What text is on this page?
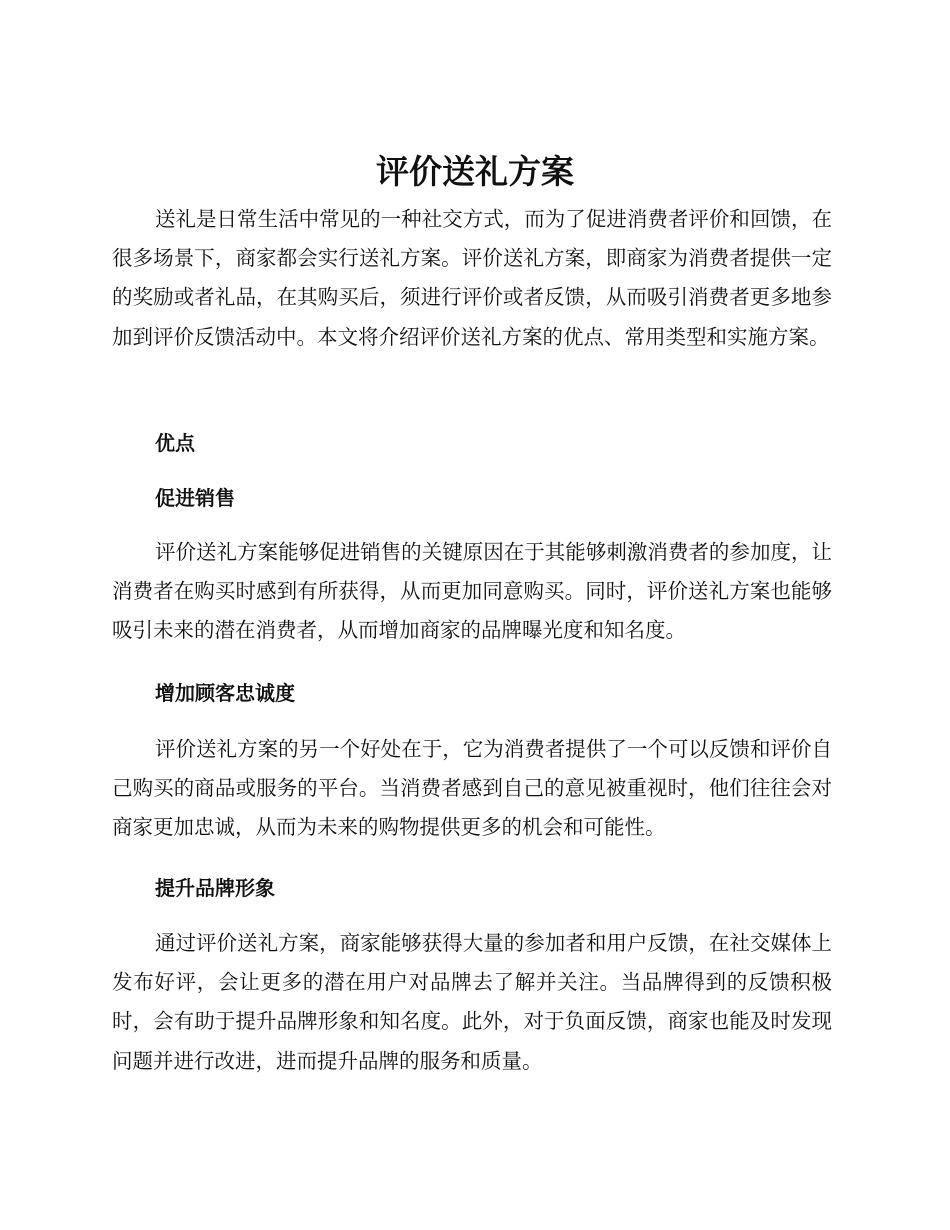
评价送礼方案

送礼是日常生活中常见的一种社交方式，而为了促进消费者评价和回馈，在很多场景下，商家都会实行送礼方案。评价送礼方案，即商家为消费者提供一定的奖励或者礼品，在其购买后，须进行评价或者反馈，从而吸引消费者更多地参加到评价反馈活动中。本文将介绍评价送礼方案的优点、常用类型和实施方案。

优点
促进销售

评价送礼方案能够促进销售的关键原因在于其能够刺激消费者的参加度，让消费者在购买时感到有所获得，从而更加同意购买。同时，评价送礼方案也能够吸引未来的潜在消费者，从而增加商家的品牌曝光度和知名度。

增加顾客忠诚度

评价送礼方案的另一个好处在于，它为消费者提供了一个可以反馈和评价自己购买的商品或服务的平台。当消费者感到自己的意见被重视时，他们往往会对商家更加忠诚，从而为未来的购物提供更多的机会和可能性。

提升品牌形象

通过评价送礼方案，商家能够获得大量的参加者和用户反馈，在社交媒体上发布好评，会让更多的潜在用户对品牌去了解并关注。当品牌得到的反馈积极时，会有助于提升品牌形象和知名度。此外，对于负面反馈，商家也能及时发现问题并进行改进，进而提升品牌的服务和质量。
